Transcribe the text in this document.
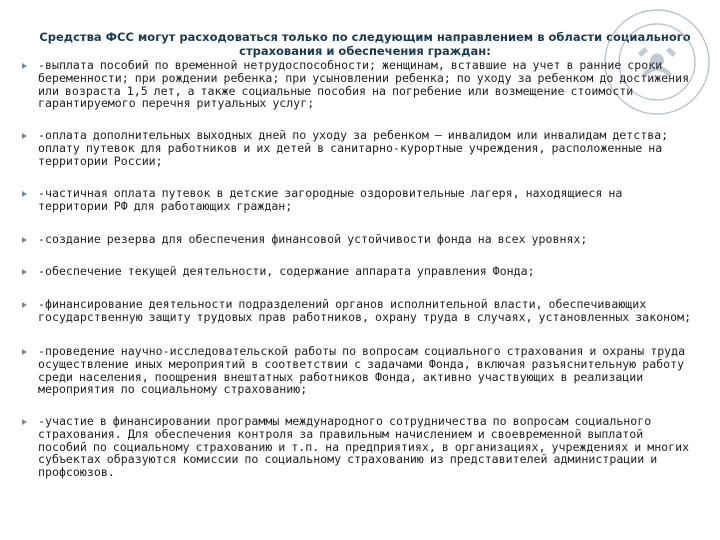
Средства ФСС могут расходоваться только по следующим направлением в области социального страхования и обеспечения граждан:
-выплата пособий по временной нетрудоспособности; женщинам, вставшие на учет в ранние сроки беременности; при рождении ребенка; при усыновлении ребенка; по уходу за ребенком до достижения или возраста 1,5 лет, а также социальные пособия на погребение или возмещение стоимости гарантируемого перечня ритуальных услуг;
-оплата дополнительных выходных дней по уходу за ребенком – инвалидом или инвалидам детства; оплату путевок для работников и их детей в санитарно-курортные учреждения, расположенные на территории России;
-частичная оплата путевок в детские загородные оздоровительные лагеря, находящиеся на территории РФ для работающих граждан;
-создание резерва для обеспечения финансовой устойчивости фонда на всех уровнях;
-обеспечение текущей деятельности, содержание аппарата управления Фонда;
-финансирование деятельности подразделений органов исполнительной власти, обеспечивающих государственную защиту трудовых прав работников, охрану труда в случаях, установленных законом;
-проведение научно-исследовательской работы по вопросам социального страхования и охраны труда осуществление иных мероприятий в соответствии с задачами Фонда, включая разъяснительную работу среди населения, поощрения внештатных работников Фонда, активно участвующих в реализации мероприятия по социальному страхованию;
-участие в финансировании программы международного сотрудничества по вопросам социального страхования. Для обеспечения контроля за правильным начислением и своевременной выплатой пособий по социальному страхованию и т.п. на предприятиях, в организациях, учреждениях и многих субъектах образуются комиссии по социальному страхованию из представителей администрации и профсоюзов.
